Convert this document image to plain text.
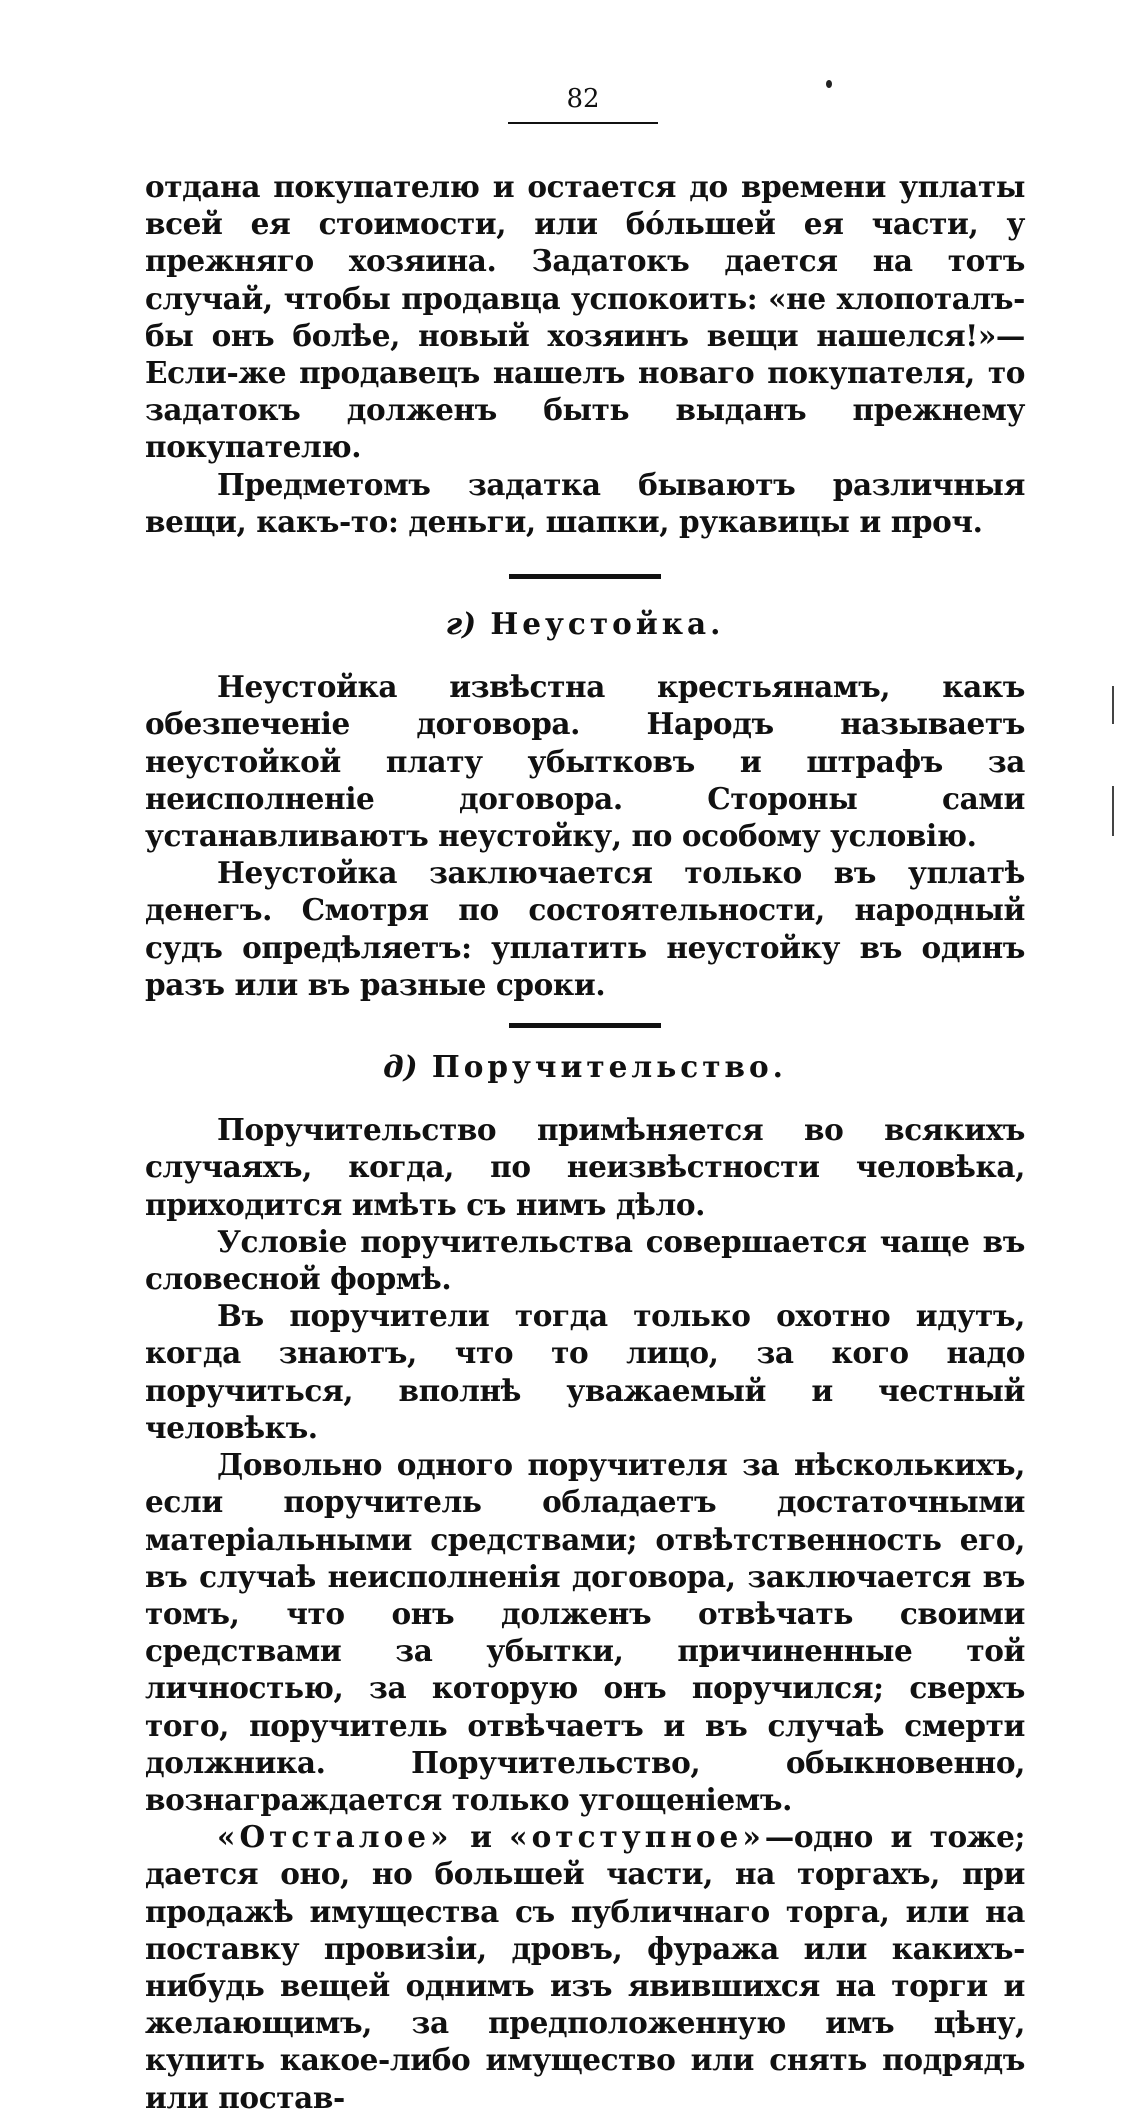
82

отдана покупателю и остается до времени уплаты всей ея стоимости, или бо́льшей ея части, у прежняго хозяина. Задатокъ дается на тотъ случай, чтобы продавца успокоить: «не хлопоталъ-бы онъ болѣе, новый хозяинъ вещи нашелся!»—Если-же продавецъ нашелъ новаго покупателя, то задатокъ долженъ быть выданъ прежнему покупателю.

Предметомъ задатка бываютъ различныя вещи, какъ-то: деньги, шапки, рукавицы и проч.

г) Неустойка.

Неустойка извѣстна крестьянамъ, какъ обезпеченіе договора. Народъ называетъ неустойкой плату убытковъ и штрафъ за неисполненіе договора. Стороны сами устанавливаютъ неустойку, по особому условію.

Неустойка заключается только въ уплатѣ денегъ. Смотря по состоятельности, народный судъ опредѣляетъ: уплатить неустойку въ одинъ разъ или въ разные сроки.

д) Поручительство.

Поручительство примѣняется во всякихъ случаяхъ, когда, по неизвѣстности человѣка, приходится имѣть съ нимъ дѣло.

Условіе поручительства совершается чаще въ словесной формѣ.

Въ поручители тогда только охотно идутъ, когда знаютъ, что то лицо, за кого надо поручиться, вполнѣ уважаемый и честный человѣкъ.

Довольно одного поручителя за нѣсколькихъ, если поручитель обладаетъ достаточными матеріальными средствами; отвѣтственность его, въ случаѣ неисполненія договора, заключается въ томъ, что онъ долженъ отвѣчать своими средствами за убытки, причиненные той личностью, за которую онъ поручился; сверхъ того, поручитель отвѣчаетъ и въ случаѣ смерти должника. Поручительство, обыкновенно, вознаграждается только угощеніемъ.

«Отсталое» и «отступное»—одно и тоже; дается оно, но большей части, на торгахъ, при продажѣ имущества съ публичнаго торга, или на поставку провизіи, дровъ, фуража или какихъ-нибудь вещей однимъ изъ явившихся на торги и желающимъ, за предположенную имъ цѣну, купить какое-либо имущество или снять подрядъ или постав-
